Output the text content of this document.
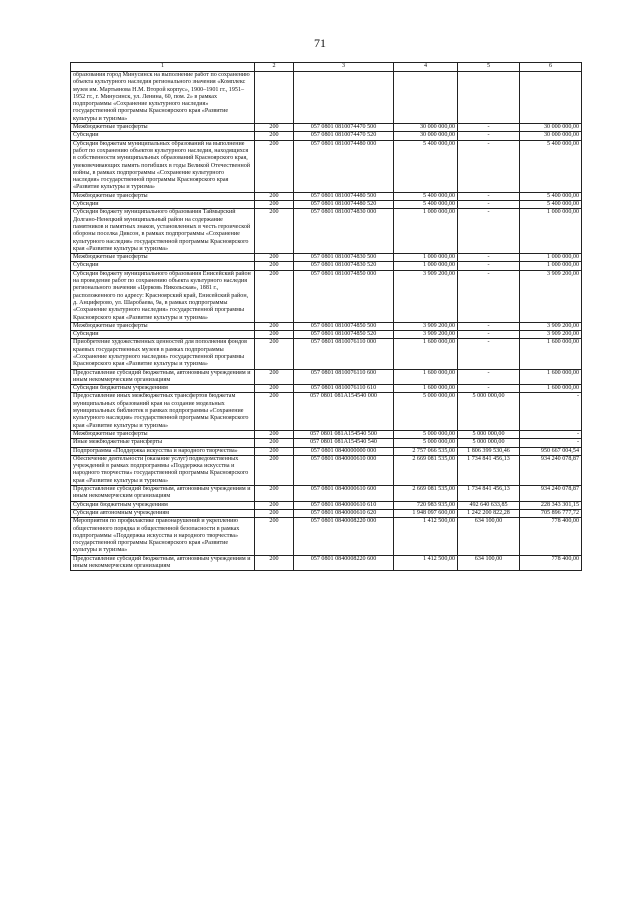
71
1	2	3	4	5	6
образования город Минусинск на выполнение работ по сохранению объекта культурного наследия регионального значения «Комплекс музея им. Мартьянова Н.М. Второй корпус», 1900–1901 гг., 1951–1952 гг., г. Минусинск, ул. Ленина, 60, пом. 2» в рамках подпрограммы «Сохранение культурного наследия» государственной программы Красноярского края «Развитие культуры и туризма»					
Межбюджетные трансферты	200	057 0801 0810074470 500	30 000 000,00	-	30 000 000,00
Субсидии	200	057 0801 0810074470 520	30 000 000,00	-	30 000 000,00
Субсидия бюджетам муниципальных образований на выполнение работ по сохранению объектов культурного наследия, находящихся в собственности муниципальных образований Красноярского края, увековечивающих память погибших в годы Великой Отечественной войны, в рамках подпрограммы «Сохранение культурного наследия» государственной программы Красноярского края «Развитие культуры и туризма»	200	057 0801 0810074480 000	5 400 000,00	-	5 400 000,00
Межбюджетные трансферты	200	057 0801 0810074480 500	5 400 000,00	-	5 400 000,00
Субсидии	200	057 0801 0810074480 520	5 400 000,00	-	5 400 000,00
Субсидия бюджету муниципального образования Таймырский Долгано-Ненецкий муниципальный район на содержание памятников и памятных знаков, установленных в честь героической обороны поселка Диксон, в рамках подпрограммы «Сохранение культурного наследия» государственной программы Красноярского края «Развитие культуры и туризма»	200	057 0801 0810074830 000	1 000 000,00	-	1 000 000,00
Межбюджетные трансферты	200	057 0801 0810074830 500	1 000 000,00	-	1 000 000,00
Субсидии	200	057 0801 0810074830 520	1 000 000,00	-	1 000 000,00
Субсидия бюджету муниципального образования Енисейский район на проведение работ по сохранению объекта культурного наследия регионального значения «Церковь Никольская», 1881 г., расположенного по адресу: Красноярский край, Енисейский район, д. Анциферово, ул. Шаробаева, 9а, в рамках подпрограммы «Сохранение культурного наследия» государственной программы Красноярского края «Развитие культуры и туризма»	200	057 0801 0810074850 000	3 909 200,00	-	3 909 200,00
Межбюджетные трансферты	200	057 0801 0810074850 500	3 909 200,00	-	3 909 200,00
Субсидии	200	057 0801 0810074850 520	3 909 200,00	-	3 909 200,00
Приобретение художественных ценностей для пополнения фондов краевых государственных музеев в рамках подпрограммы «Сохранение культурного наследия» государственной программы Красноярского края «Развитие культуры и туризма»	200	057 0801 0810076110 000	1 600 000,00	-	1 600 000,00
Предоставление субсидий бюджетным, автономным учреждениям и иным некоммерческим организациям	200	057 0801 0810076110 600	1 600 000,00	-	1 600 000,00
Субсидии бюджетным учреждениям	200	057 0801 0810076110 610	1 600 000,00	-	1 600 000,00
Предоставление иных межбюджетных трансфертов бюджетам муниципальных образований края на создание модельных муниципальных библиотек в рамках подпрограммы «Сохранение культурного наследия» государственной программы Красноярского края «Развитие культуры и туризма»	200	057 0801 081A154540 000	5 000 000,00	5 000 000,00	-
Межбюджетные трансферты	200	057 0801 081A154540 500	5 000 000,00	5 000 000,00	-
Иные межбюджетные трансферты	200	057 0801 081A154540 540	5 000 000,00	5 000 000,00	-
Подпрограмма «Поддержка искусства и народного творчества»	200	057 0801 0840000000 000	2 757 066 535,00	1 806 399 530,46	950 667 004,54
Обеспечение деятельности (оказание услуг) подведомственных учреждений в рамках подпрограммы «Поддержка искусства и народного творчества» государственной программы Красноярского края «Развитие культуры и туризма»	200	057 0801 0840000610 000	2 669 081 535,00	1 734 841 456,13	934 240 078,87
Предоставление субсидий бюджетным, автономным учреждениям и иным некоммерческим организациям	200	057 0801 0840000610 600	2 669 081 535,00	1 734 841 456,13	934 240 078,87
Субсидии бюджетным учреждениям	200	057 0801 0840000610 610	720 983 935,00	492 640 633,85	228 343 301,15
Субсидии автономным учреждениям	200	057 0801 0840000610 620	1 948 097 600,00	1 242 200 822,28	705 896 777,72
Мероприятия по профилактике правонарушений и укреплению общественного порядка и общественной безопасности в рамках подпрограммы «Поддержка искусства и народного творчества» государственной программы Красноярского края «Развитие культуры и туризма»	200	057 0801 0840008220 000	1 412 500,00	634 100,00	778 400,00
Предоставление субсидий бюджетным, автономным учреждениям и иным некоммерческим организациям	200	057 0801 0840008220 600	1 412 500,00	634 100,00	778 400,00
